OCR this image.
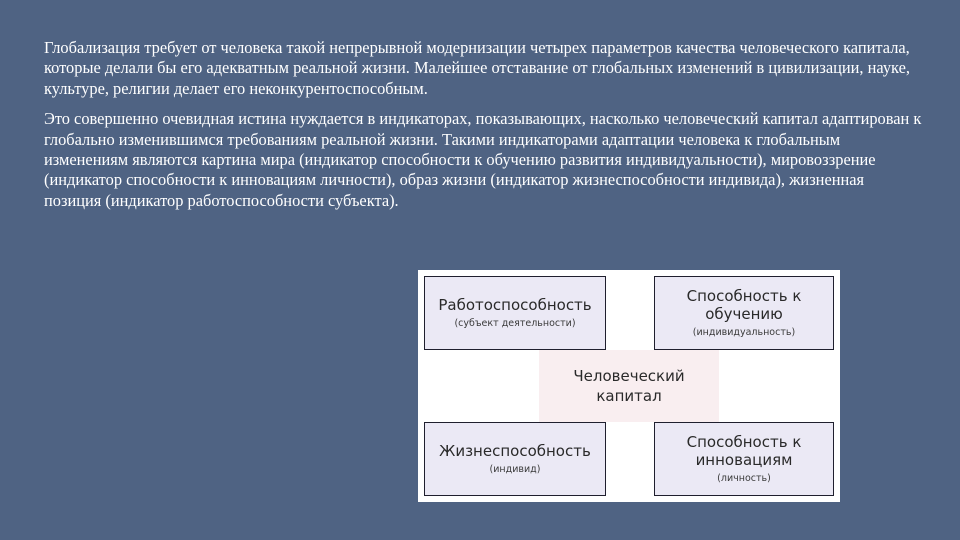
Глобализация требует от человека такой непрерывной модернизации четырех параметров качества человеческого капитала, которые делали бы его адекватным реальной жизни. Малейшее отставание от глобальных изменений в цивилизации, науке, культуре, религии делает его неконкурентоспособным.

Это совершенно очевидная истина нуждается в индикаторах, показывающих, насколько человеческий капитал адаптирован к глобально изменившимся требованиям реальной жизни. Такими индикаторами адаптации человека к глобальным изменениям являются картина мира (индикатор способности к обучению развития индивидуальности), мировоззрение (индикатор способности к инновациям личности), образ жизни (индикатор жизнеспособности индивида), жизненная позиция (индикатор работоспособности субъекта).

Работоспособность
(субъект деятельности)
Способность к обучению
(индивидуальность)
Человеческий капитал
Жизнеспособность
(индивид)
Способность к инновациям
(личность)
